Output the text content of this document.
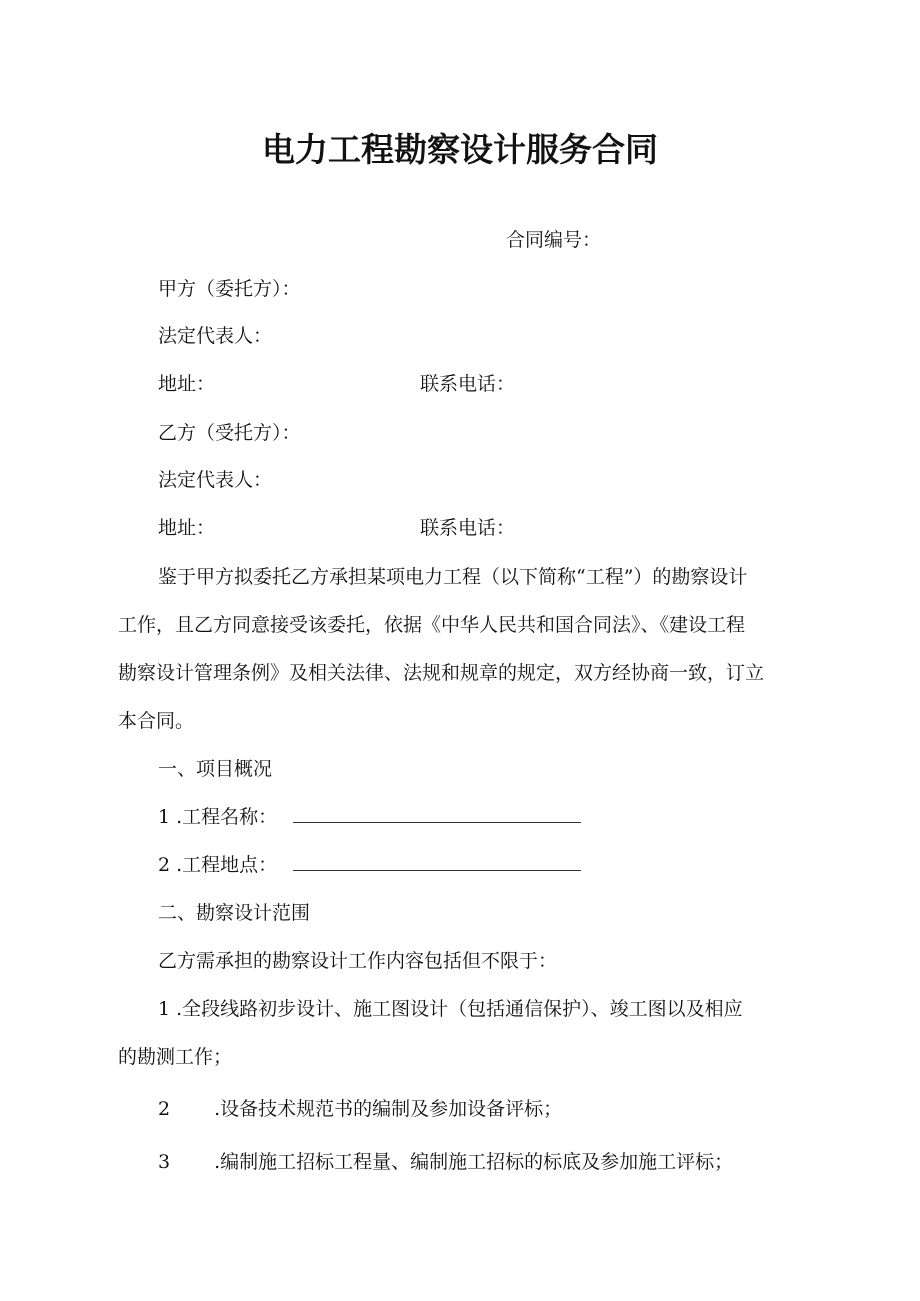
电力工程勘察设计服务合同
合同编号：
甲方（委托方）：
法定代表人：
地址：	联系电话：
乙方（受托方）：
法定代表人：
地址：	联系电话：
鉴于甲方拟委托乙方承担某项电力工程（以下简称“工程”）的勘察设计
工作，且乙方同意接受该委托，依据《中华人民共和国合同法》、《建设工程
勘察设计管理条例》及相关法律、法规和规章的规定，双方经协商一致，订立
本合同。
一、项目概况
1 .工程名称：
2 .工程地点：
二、勘察设计范围
乙方需承担的勘察设计工作内容包括但不限于：
1 .全段线路初步设计、施工图设计（包括通信保护）、竣工图以及相应
的勘测工作；
2 .设备技术规范书的编制及参加设备评标；
3 .编制施工招标工程量、编制施工招标的标底及参加施工评标；
